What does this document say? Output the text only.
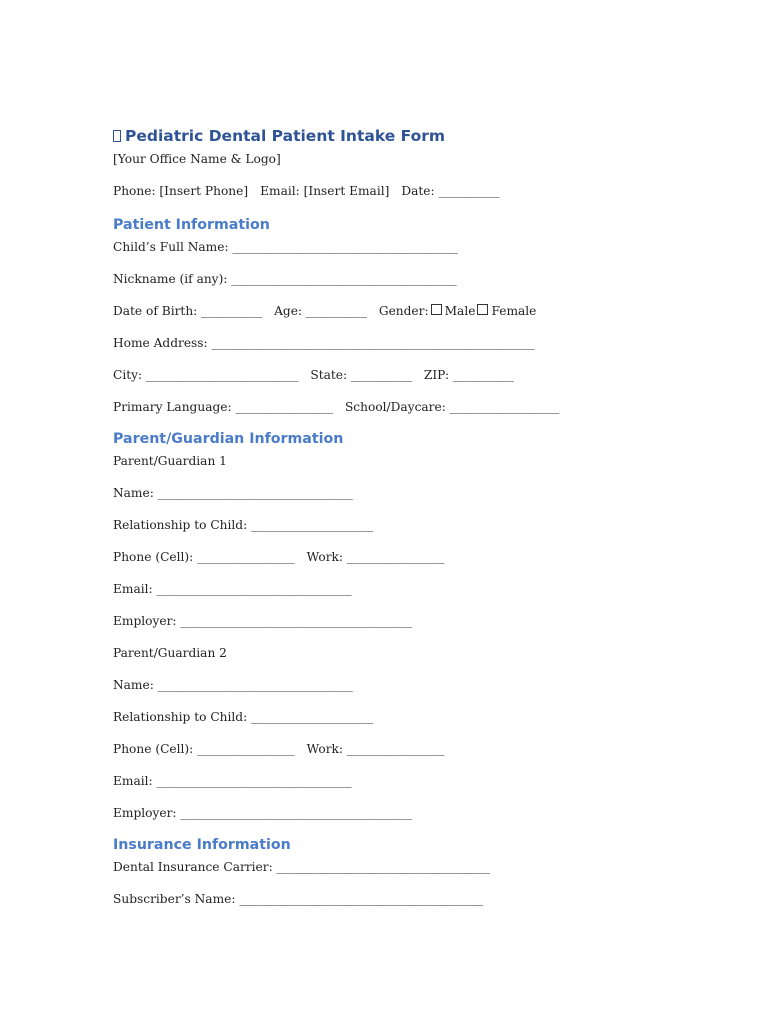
Pediatric Dental Patient Intake Form

[Your Office Name & Logo]

Phone: [Insert Phone] Email: [Insert Email] Date: __________

Patient Information

Child’s Full Name: _____________________________________

Nickname (if any): _____________________________________

Date of Birth: __________ Age: __________ Gender: Male Female

Home Address: _____________________________________________________

City: _________________________ State: __________ ZIP: __________

Primary Language: ________________ School/Daycare: __________________

Parent/Guardian Information

Parent/Guardian 1

Name: ________________________________

Relationship to Child: ____________________

Phone (Cell): ________________ Work: ________________

Email: ________________________________

Employer: ______________________________________

Parent/Guardian 2

Name: ________________________________

Relationship to Child: ____________________

Phone (Cell): ________________ Work: ________________

Email: ________________________________

Employer: ______________________________________

Insurance Information

Dental Insurance Carrier: ___________________________________

Subscriber’s Name: ________________________________________
